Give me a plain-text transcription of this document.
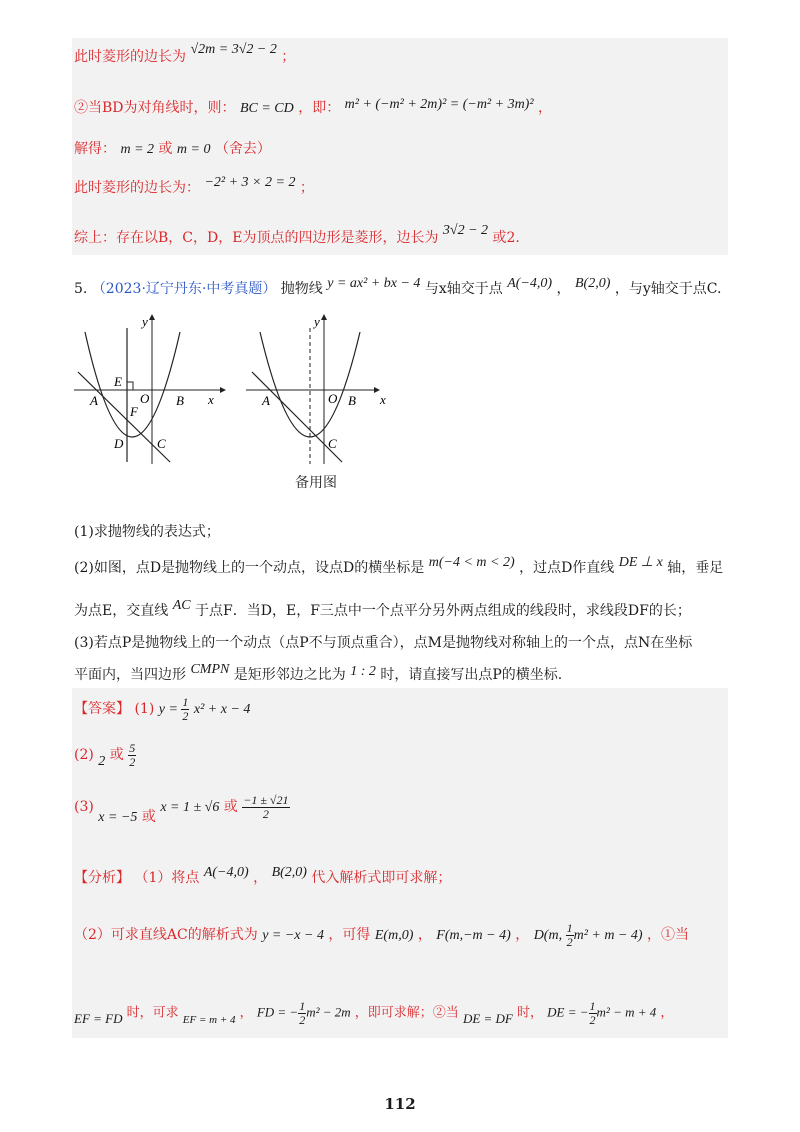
此时菱形的边长为 √2m = 3√2 − 2 ；
②当BD为对角线时，则： BC = CD ，即： m² + (−m² + 2m)² = (−m² + 3m)² ，
解得： m = 2 或 m = 0 （舍去）
此时菱形的边长为： −2² + 3 × 2 = 2 ；
综上：存在以B，C，D，E为顶点的四边形是菱形，边长为 3√2 − 2 或2.
5. （2023·辽宁丹东·中考真题） 抛物线 y = ax² + bx − 4 与x轴交于点 A(−4,0) ， B(2,0) ，与y轴交于点C.
y
x
E
A	O B
F
D	C
y
x
A	O B
C
备用图
(1)求抛物线的表达式；
(2)如图，点D是抛物线上的一个动点，设点D的横坐标是 m(−4 < m < 2) ，过点D作直线 DE ⊥ x 轴，垂足
为点E，交直线 AC 于点F．当D，E，F三点中一个点平分另外两点组成的线段时，求线段DF的长；
(3)若点P是抛物线上的一个动点（点P不与顶点重合），点M是抛物线对称轴上的一个点，点N在坐标
平面内，当四边形 CMPN 是矩形邻边之比为 1 : 2 时，请直接写出点P的横坐标.
【答案】 (1) $y = \frac{1}{2} x^2 + x - 4$
(2) 2 或 $\frac{5}{2}$
(3) x = −5 或 x = 1 ± √6 或 $\frac{-1 \pm √21}{2}$
【分析】 （1）将点 A(−4,0) ， B(2,0) 代入解析式即可求解；
（2）可求直线AC的解析式为 y = −x − 4 ，可得 E(m,0) ， F(m,−m − 4) ， D(m, $\frac{1}{2} m^2 + m - 4$) ，①当
EF = FD 时，可求 $_{EF = m + 4}$ ， FD = − $\frac{1}{2} m^2 - 2m$ ，即可求解；②当 DE = DF 时， DE = − $\frac{1}{2} m^2 - m + 4$ ，
112
